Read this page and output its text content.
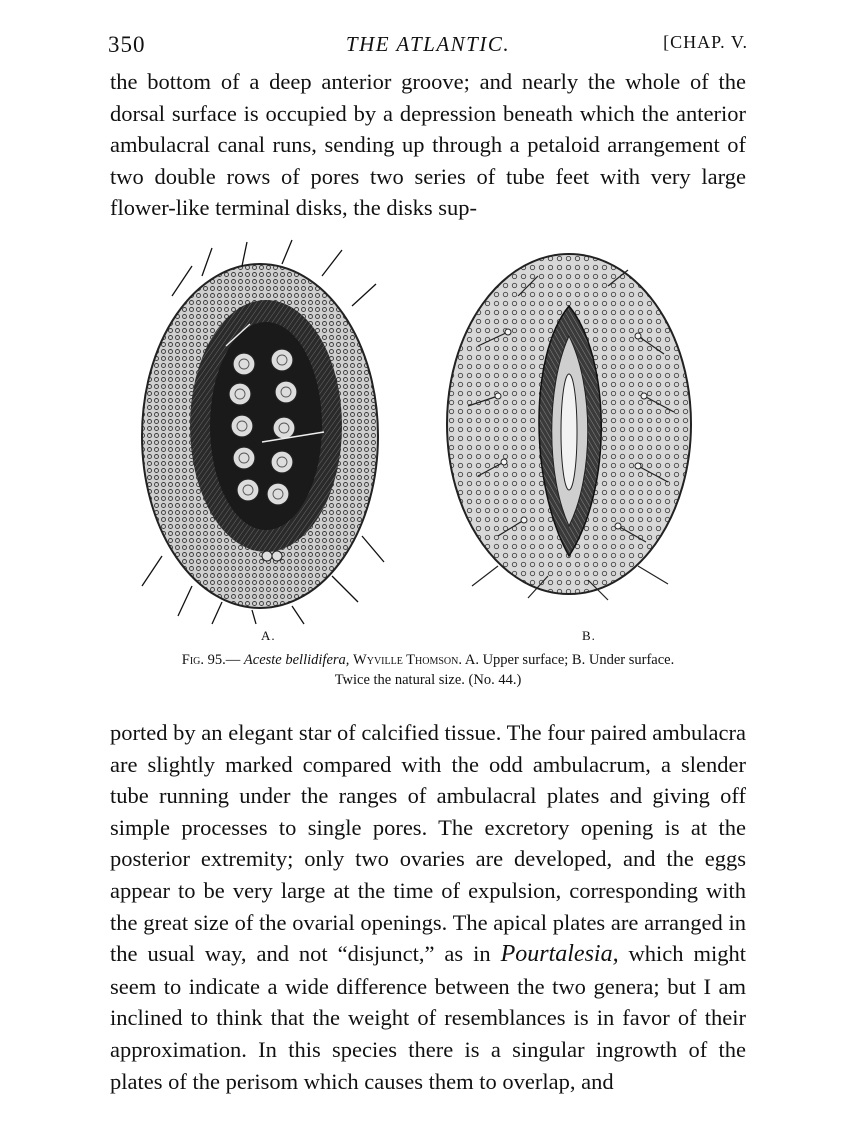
THE ATLANTIC.
350	[CHAP. V.

the bottom of a deep anterior groove; and nearly the whole of the dorsal surface is occupied by a depression beneath which the anterior ambulacral canal runs, sending up through a petaloid arrangement of two double rows of pores two series of tube feet with very large flower-like terminal disks, the disks sup-

A.	B.
Fig. 95.— Aceste bellidifera, Wyville Thomson. A. Upper surface; B. Under surface.
Twice the natural size. (No. 44.)

ported by an elegant star of calcified tissue. The four paired ambulacra are slightly marked compared with the odd ambulacrum, a slender tube running under the ranges of ambulacral plates and giving off simple processes to single pores. The excretory opening is at the posterior extremity; only two ovaries are developed, and the eggs appear to be very large at the time of expulsion, corresponding with the great size of the ovarial openings. The apical plates are arranged in the usual way, and not “disjunct,” as in Pourtalesia, which might seem to indicate a wide difference between the two genera; but I am inclined to think that the weight of resemblances is in favor of their approximation. In this species there is a singular ingrowth of the plates of the perisom which causes them to overlap, and
